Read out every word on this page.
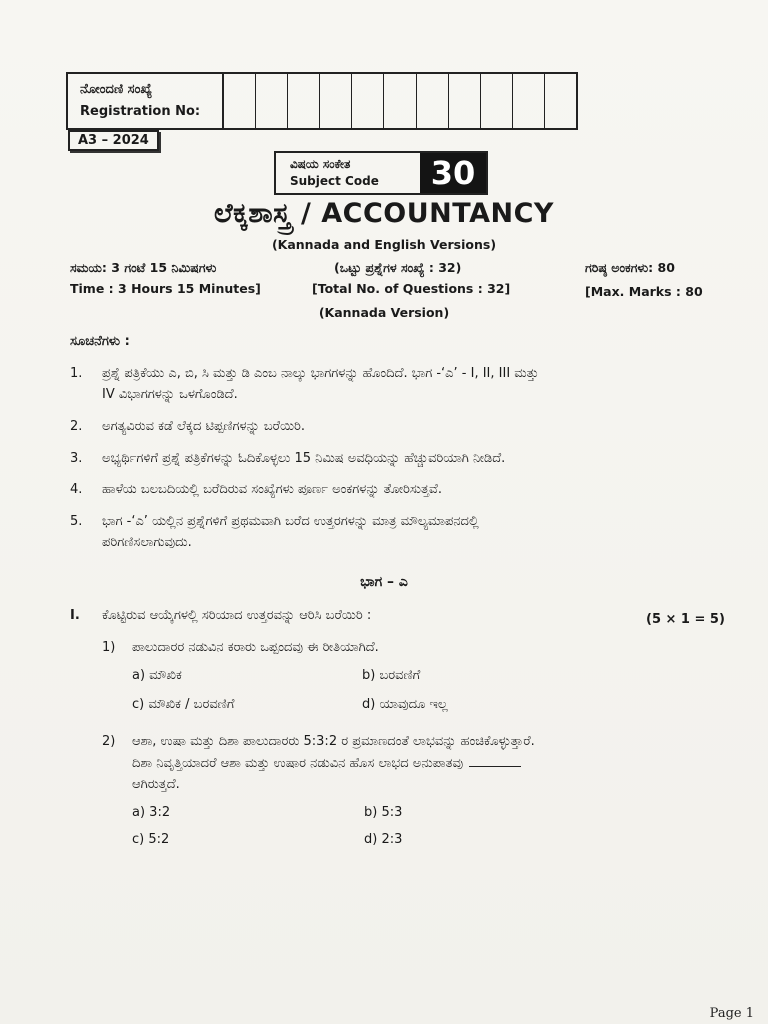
ನೋಂದಣಿ ಸಂಖ್ಯೆ
Registration No:
A3 – 2024
ವಿಷಯ ಸಂಕೇತ
Subject Code	30
ಲೆಕ್ಕಶಾಸ್ತ್ರ / ACCOUNTANCY
(Kannada and English Versions)
ಸಮಯ: 3 ಗಂಟೆ 15 ನಿಮಿಷಗಳು	(ಒಟ್ಟು ಪ್ರಶ್ನೆಗಳ ಸಂಖ್ಯೆ : 32)	ಗರಿಷ್ಠ ಅಂಕಗಳು: 80
Time : 3 Hours 15 Minutes]	[Total No. of Questions : 32]	[Max. Marks : 80
(Kannada Version)
ಸೂಚನೆಗಳು :
1. ಪ್ರಶ್ನೆ ಪತ್ರಿಕೆಯು ಎ, ಬಿ, ಸಿ ಮತ್ತು ಡಿ ಎಂಬ ನಾಲ್ಕು ಭಾಗಗಳನ್ನು ಹೊಂದಿದೆ. ಭಾಗ -‘ಎ’ - I, II, III ಮತ್ತು
IV ವಿಭಾಗಗಳನ್ನು ಒಳಗೊಂಡಿದೆ.
2. ಅಗತ್ಯವಿರುವ ಕಡೆ ಲೆಕ್ಕದ ಟಿಪ್ಪಣಿಗಳನ್ನು ಬರೆಯಿರಿ.
3. ಅಭ್ಯರ್ಥಿಗಳಿಗೆ ಪ್ರಶ್ನೆ ಪತ್ರಿಕೆಗಳನ್ನು ಓದಿಕೊಳ್ಳಲು 15 ನಿಮಿಷ ಅವಧಿಯನ್ನು ಹೆಚ್ಚುವರಿಯಾಗಿ ನೀಡಿದೆ.
4. ಹಾಳೆಯ ಬಲಬದಿಯಲ್ಲಿ ಬರೆದಿರುವ ಸಂಖ್ಯೆಗಳು ಪೂರ್ಣ ಅಂಕಗಳನ್ನು ತೋರಿಸುತ್ತವೆ.
5. ಭಾಗ -‘ಎ’ ಯಲ್ಲಿನ ಪ್ರಶ್ನೆಗಳಿಗೆ ಪ್ರಥಮವಾಗಿ ಬರೆದ ಉತ್ತರಗಳನ್ನು ಮಾತ್ರ ಮೌಲ್ಯಮಾಪನದಲ್ಲಿ
ಪರಿಗಣಿಸಲಾಗುವುದು.
ಭಾಗ – ಎ
I. ಕೊಟ್ಟಿರುವ ಆಯ್ಕೆಗಳಲ್ಲಿ ಸರಿಯಾದ ಉತ್ತರವನ್ನು ಆರಿಸಿ ಬರೆಯಿರಿ :	(5 × 1 = 5)
1) ಪಾಲುದಾರರ ನಡುವಿನ ಕರಾರು ಒಪ್ಪಂದವು ಈ ರೀತಿಯಾಗಿದೆ.
a) ಮೌಖಿಕ	b) ಬರವಣಿಗೆ
c) ಮೌಖಿಕ / ಬರವಣಿಗೆ	d) ಯಾವುದೂ ಇಲ್ಲ
2) ಆಶಾ, ಉಷಾ ಮತ್ತು ದಿಶಾ ಪಾಲುದಾರರು 5:3:2 ರ ಪ್ರಮಾಣದಂತೆ ಲಾಭವನ್ನು ಹಂಚಿಕೊಳ್ಳುತ್ತಾರೆ.
ದಿಶಾ ನಿವೃತ್ತಿಯಾದರೆ ಆಶಾ ಮತ್ತು ಉಷಾರ ನಡುವಿನ ಹೊಸ ಲಾಭದ ಅನುಪಾತವು
ಆಗಿರುತ್ತದೆ.
a) 3:2	b) 5:3
c) 5:2	d) 2:3
Page 1
